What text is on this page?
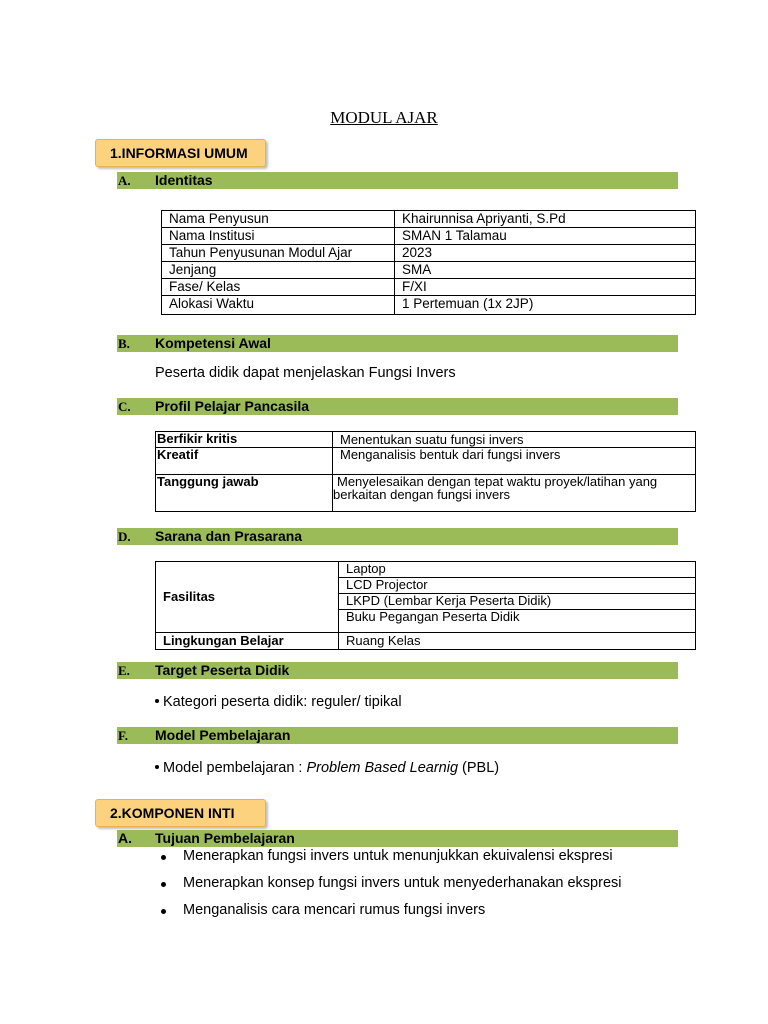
MODUL AJAR
1.INFORMASI UMUM
A. Identitas
Nama Penyusun	Khairunnisa Apriyanti, S.Pd
Nama Institusi	SMAN 1 Talamau
Tahun Penyusunan Modul Ajar	2023
Jenjang	SMA
Fase/ Kelas	F/XI
Alokasi Waktu	1 Pertemuan (1x 2JP)
B. Kompetensi Awal
Peserta didik dapat menjelaskan Fungsi Invers
C. Profil Pelajar Pancasila
Berfikir kritis	Menentukan suatu fungsi invers
Kreatif	Menganalisis bentuk dari fungsi invers
Tanggung jawab	Menyelesaikan dengan tepat waktu proyek/latihan yang
berkaitan dengan fungsi invers
D. Sarana dan Prasarana
Fasilitas	Laptop
	LCD Projector
	LKPD (Lembar Kerja Peserta Didik)
	Buku Pegangan Peserta Didik
Lingkungan Belajar	Ruang Kelas
E. Target Peserta Didik
Kategori peserta didik: reguler/ tipikal
F. Model Pembelajaran
Model pembelajaran : Problem Based Learnig (PBL)
2.KOMPONEN INTI
A. Tujuan Pembelajaran
Menerapkan fungsi invers untuk menunjukkan ekuivalensi ekspresi
Menerapkan konsep fungsi invers untuk menyederhanakan ekspresi
Menganalisis cara mencari rumus fungsi invers
